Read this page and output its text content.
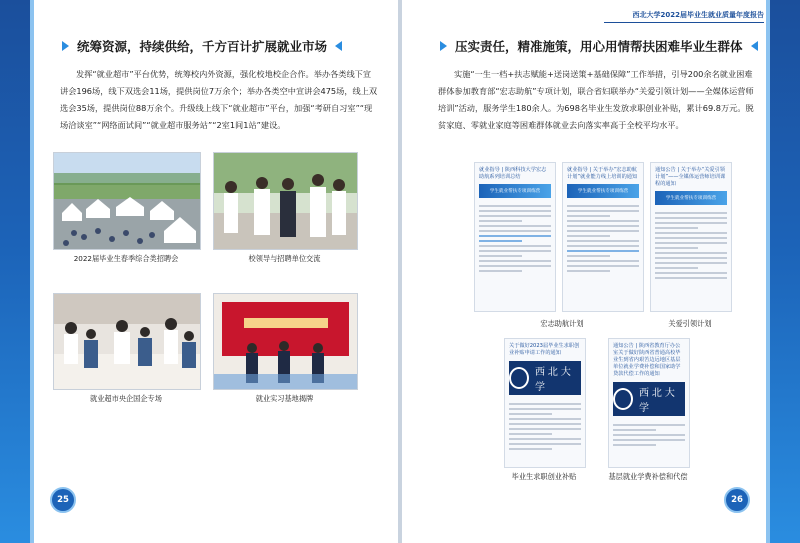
统筹资源，持续供给，千方百计扩展就业市场
发挥“就业超市”平台优势，统筹校内外资源，强化校地校企合作。举办各类线下宣讲会196场，线下双选会11场，提供岗位7万余个；举办各类空中宣讲会475场，线上双选会35场，提供岗位88万余个。升级线上线下“就业超市”平台，加强“考研自习室”“现场洽谈室”“网络面试间”“就业超市服务站”“2室1间1站”建设。
2022届毕业生春季综合类招聘会	校领导与招聘单位交流
就业超市央企国企专场	就业实习基地揭牌
25
西北大学2022届毕业生就业质量年度报告
压实责任，精准施策，用心用情帮扶困难毕业生群体
实施“一生一档+扶志赋能+送岗送策+基础保障”工作举措，引导200余名就业困难群体参加教育部“宏志助航”专项计划，联合省妇联举办“关爱引领计划——全媒体运营师培训”活动，服务学生180余人。为698名毕业生发放求职创业补贴，累计69.8万元。脱贫家庭、零就业家庭等困难群体就业去向落实率高于全校平均水平。
就业指导 | 陕西科技大学宏志助航系列培训总结
学生就业帮扶专项训练营
就业指导 | 关于举办“宏志助航计划”就业能力线上培训的通知
学生就业帮扶专项训练营
宏志助航计划
通知公告 | 关于举办“关爱引领计划”——全媒体运营师培训课程的通知
学生就业帮扶专项训练营
关爱引领计划
关于做好2023届毕业生求职创业补贴申请工作的通知
西北大学
毕业生求职创业补贴
通知公告 | 陕西省教育厅办公室关于做好陕西省普通高校毕业生到省内艰苦边远地区基层单位就业学费补偿和国家助学贷款代偿工作的通知
西北大学
基层就业学费补偿和代偿
26
